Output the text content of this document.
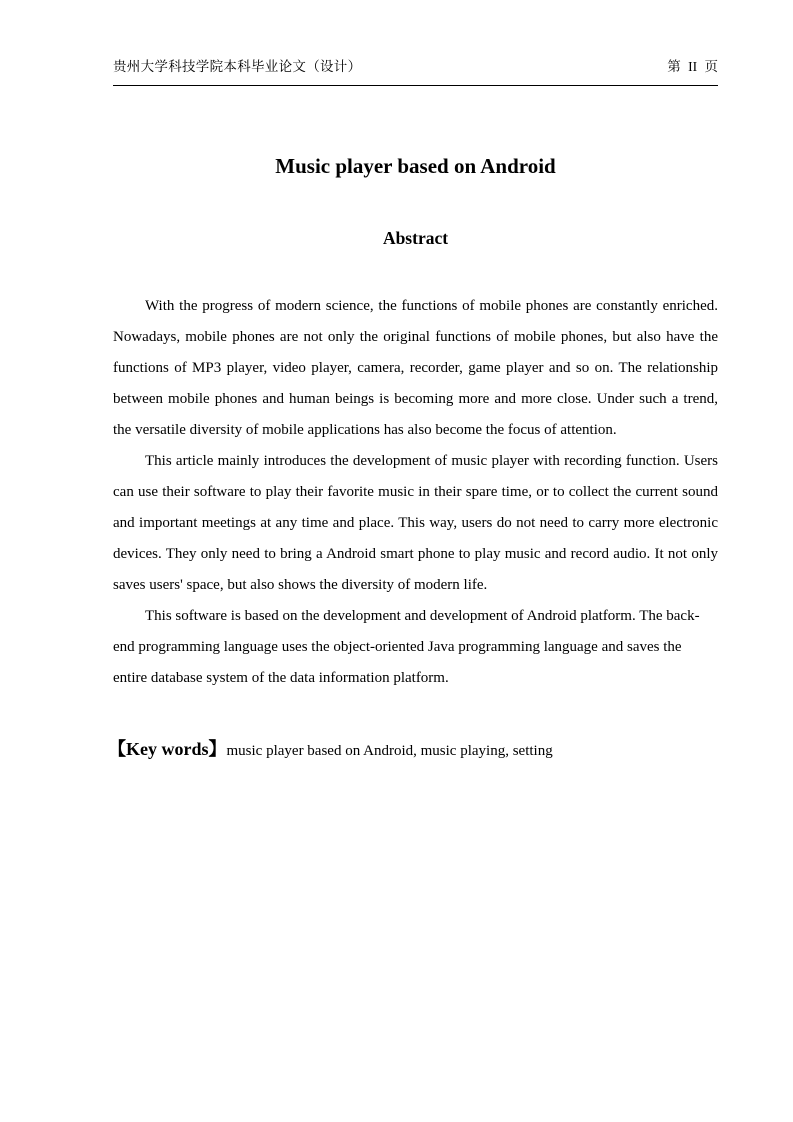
贵州大学科技学院本科毕业论文（设计）	第 II 页
Music player based on Android
Abstract

With the progress of modern science, the functions of mobile phones are constantly enriched. Nowadays, mobile phones are not only the original functions of mobile phones, but also have the functions of MP3 player, video player, camera, recorder, game player and so on. The relationship between mobile phones and human beings is becoming more and more close. Under such a trend, the versatile diversity of mobile applications has also become the focus of attention.

This article mainly introduces the development of music player with recording function. Users can use their software to play their favorite music in their spare time, or to collect the current sound and important meetings at any time and place. This way, users do not need to carry more electronic devices. They only need to bring a Android smart phone to play music and record audio. It not only saves users' space, but also shows the diversity of modern life.

This software is based on the development and development of Android platform. The back-end programming language uses the object-oriented Java programming language and saves the entire database system of the data information platform.

【Key words】music player based on Android, music playing, setting
